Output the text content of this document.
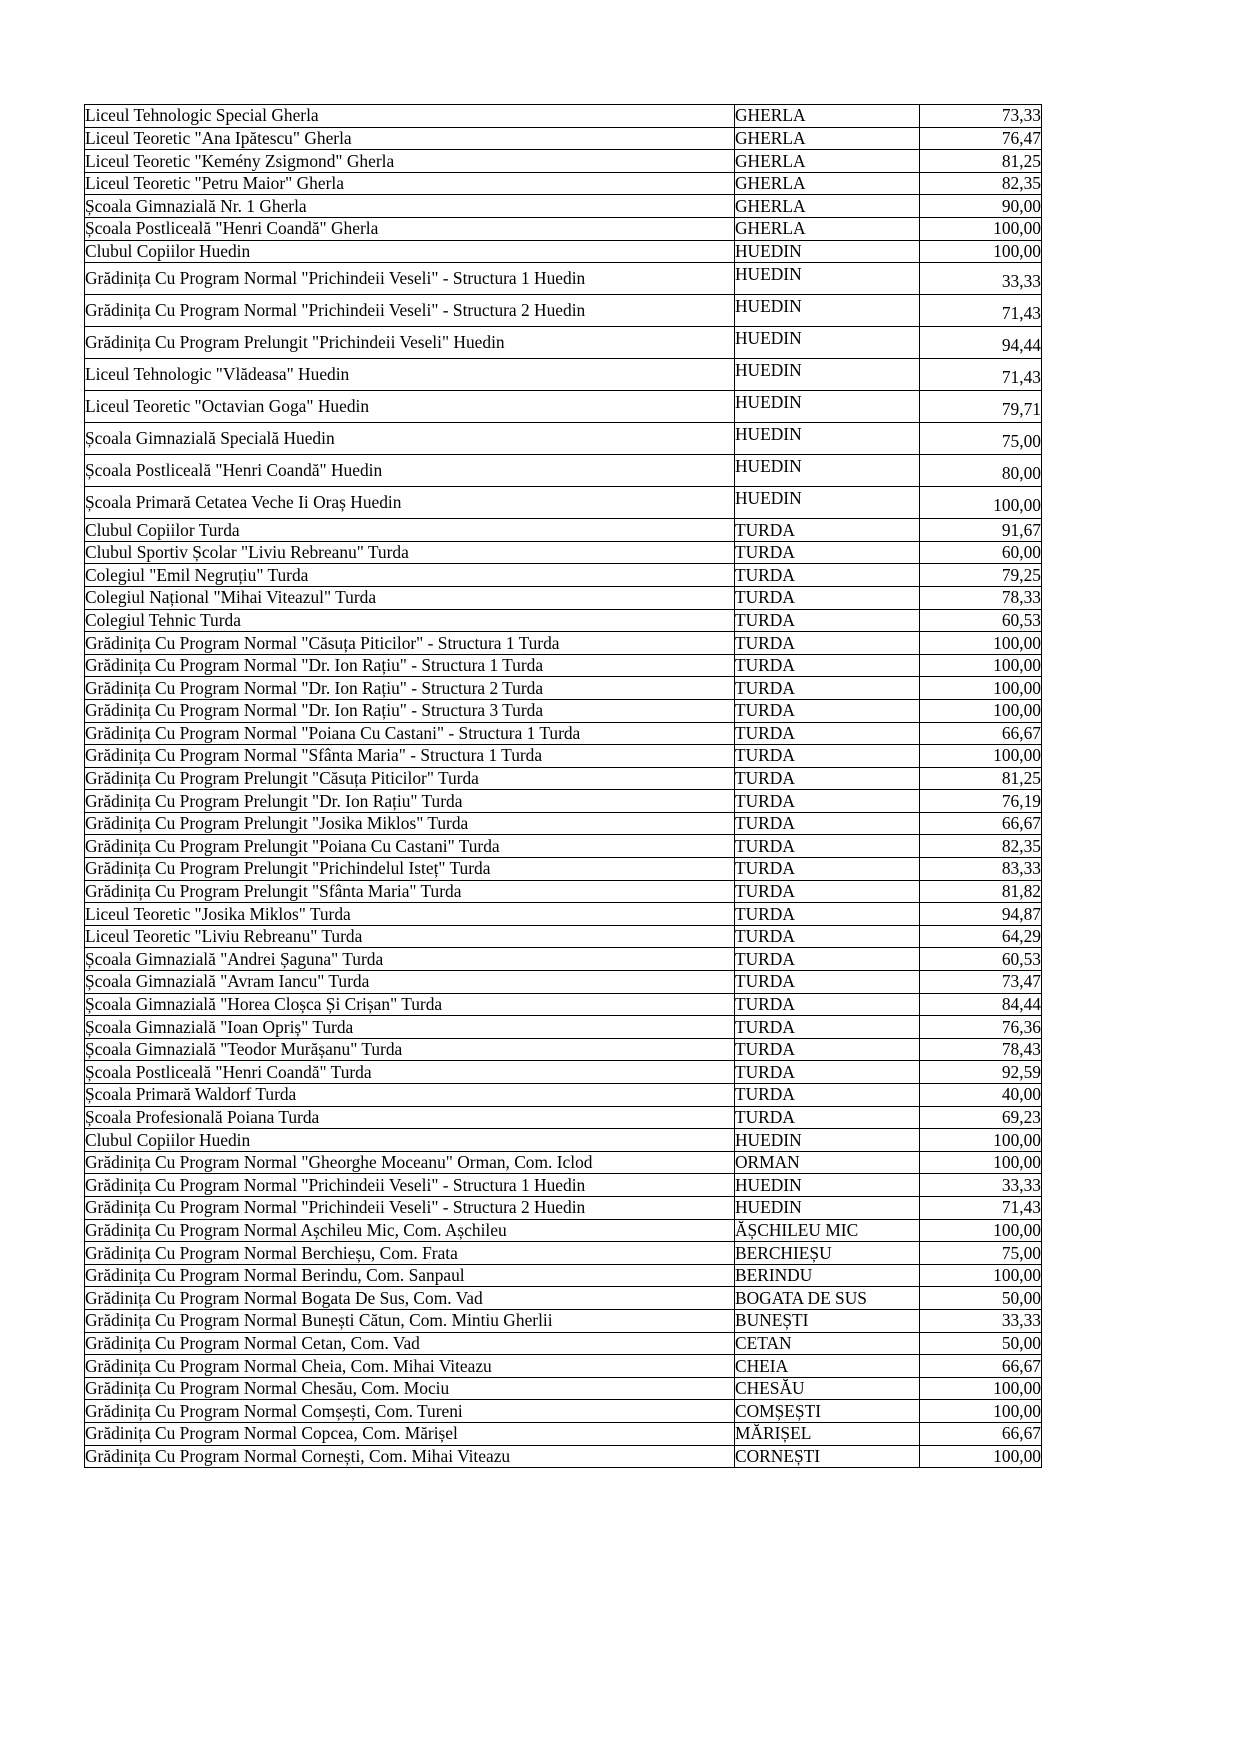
Liceul Tehnologic Special Gherla	GHERLA	73,33
Liceul Teoretic "Ana Ipătescu" Gherla	GHERLA	76,47
Liceul Teoretic "Kemény Zsigmond" Gherla	GHERLA	81,25
Liceul Teoretic "Petru Maior" Gherla	GHERLA	82,35
Școala Gimnazială Nr. 1 Gherla	GHERLA	90,00
Școala Postliceală "Henri Coandă" Gherla	GHERLA	100,00
Clubul Copiilor Huedin	HUEDIN	100,00
Grădinița Cu Program Normal "Prichindeii Veseli" - Structura 1 Huedin	HUEDIN	33,33
Grădinița Cu Program Normal "Prichindeii Veseli" - Structura 2 Huedin	HUEDIN	71,43
Grădinița Cu Program Prelungit "Prichindeii Veseli" Huedin	HUEDIN	94,44
Liceul Tehnologic "Vlădeasa" Huedin	HUEDIN	71,43
Liceul Teoretic "Octavian Goga" Huedin	HUEDIN	79,71
Școala Gimnazială Specială Huedin	HUEDIN	75,00
Școala Postliceală "Henri Coandă" Huedin	HUEDIN	80,00
Școala Primară Cetatea Veche Ii Oraș Huedin	HUEDIN	100,00
Clubul Copiilor Turda	TURDA	91,67
Clubul Sportiv Școlar "Liviu Rebreanu" Turda	TURDA	60,00
Colegiul "Emil Negruțiu" Turda	TURDA	79,25
Colegiul Național "Mihai Viteazul" Turda	TURDA	78,33
Colegiul Tehnic Turda	TURDA	60,53
Grădinița Cu Program Normal "Căsuța Piticilor" - Structura 1 Turda	TURDA	100,00
Grădinița Cu Program Normal "Dr. Ion Rațiu" - Structura 1 Turda	TURDA	100,00
Grădinița Cu Program Normal "Dr. Ion Rațiu" - Structura 2 Turda	TURDA	100,00
Grădinița Cu Program Normal "Dr. Ion Rațiu" - Structura 3 Turda	TURDA	100,00
Grădinița Cu Program Normal "Poiana Cu Castani" - Structura 1 Turda	TURDA	66,67
Grădinița Cu Program Normal "Sfânta Maria" - Structura 1 Turda	TURDA	100,00
Grădinița Cu Program Prelungit "Căsuța Piticilor" Turda	TURDA	81,25
Grădinița Cu Program Prelungit "Dr. Ion Rațiu" Turda	TURDA	76,19
Grădinița Cu Program Prelungit "Josika Miklos" Turda	TURDA	66,67
Grădinița Cu Program Prelungit "Poiana Cu Castani" Turda	TURDA	82,35
Grădinița Cu Program Prelungit "Prichindelul Isteț" Turda	TURDA	83,33
Grădinița Cu Program Prelungit "Sfânta Maria" Turda	TURDA	81,82
Liceul Teoretic "Josika Miklos" Turda	TURDA	94,87
Liceul Teoretic "Liviu Rebreanu" Turda	TURDA	64,29
Școala Gimnazială "Andrei Șaguna" Turda	TURDA	60,53
Școala Gimnazială "Avram Iancu" Turda	TURDA	73,47
Școala Gimnazială "Horea Cloșca Și Crișan" Turda	TURDA	84,44
Școala Gimnazială "Ioan Opriș" Turda	TURDA	76,36
Școala Gimnazială "Teodor Murășanu" Turda	TURDA	78,43
Școala Postliceală "Henri Coandă" Turda	TURDA	92,59
Școala Primară Waldorf Turda	TURDA	40,00
Școala Profesională Poiana Turda	TURDA	69,23
Clubul Copiilor Huedin	HUEDIN	100,00
Grădinița Cu Program Normal "Gheorghe Moceanu" Orman, Com. Iclod	ORMAN	100,00
Grădinița Cu Program Normal "Prichindeii Veseli" - Structura 1 Huedin	HUEDIN	33,33
Grădinița Cu Program Normal "Prichindeii Veseli" - Structura 2 Huedin	HUEDIN	71,43
Grădinița Cu Program Normal Așchileu Mic, Com. Așchileu	ĂȘCHILEU MIC	100,00
Grădinița Cu Program Normal Berchieșu, Com. Frata	BERCHIEȘU	75,00
Grădinița Cu Program Normal Berindu, Com. Sanpaul	BERINDU	100,00
Grădinița Cu Program Normal Bogata De Sus, Com. Vad	BOGATA DE SUS	50,00
Grădinița Cu Program Normal Bunești Cătun, Com. Mintiu Gherlii	BUNEȘTI	33,33
Grădinița Cu Program Normal Cetan, Com. Vad	CETAN	50,00
Grădinița Cu Program Normal Cheia, Com. Mihai Viteazu	CHEIA	66,67
Grădinița Cu Program Normal Chesău, Com. Mociu	CHESĂU	100,00
Grădinița Cu Program Normal Comșești, Com. Tureni	COMȘEȘTI	100,00
Grădinița Cu Program Normal Copcea, Com. Mărișel	MĂRIȘEL	66,67
Grădinița Cu Program Normal Cornești, Com. Mihai Viteazu	CORNEȘTI	100,00
